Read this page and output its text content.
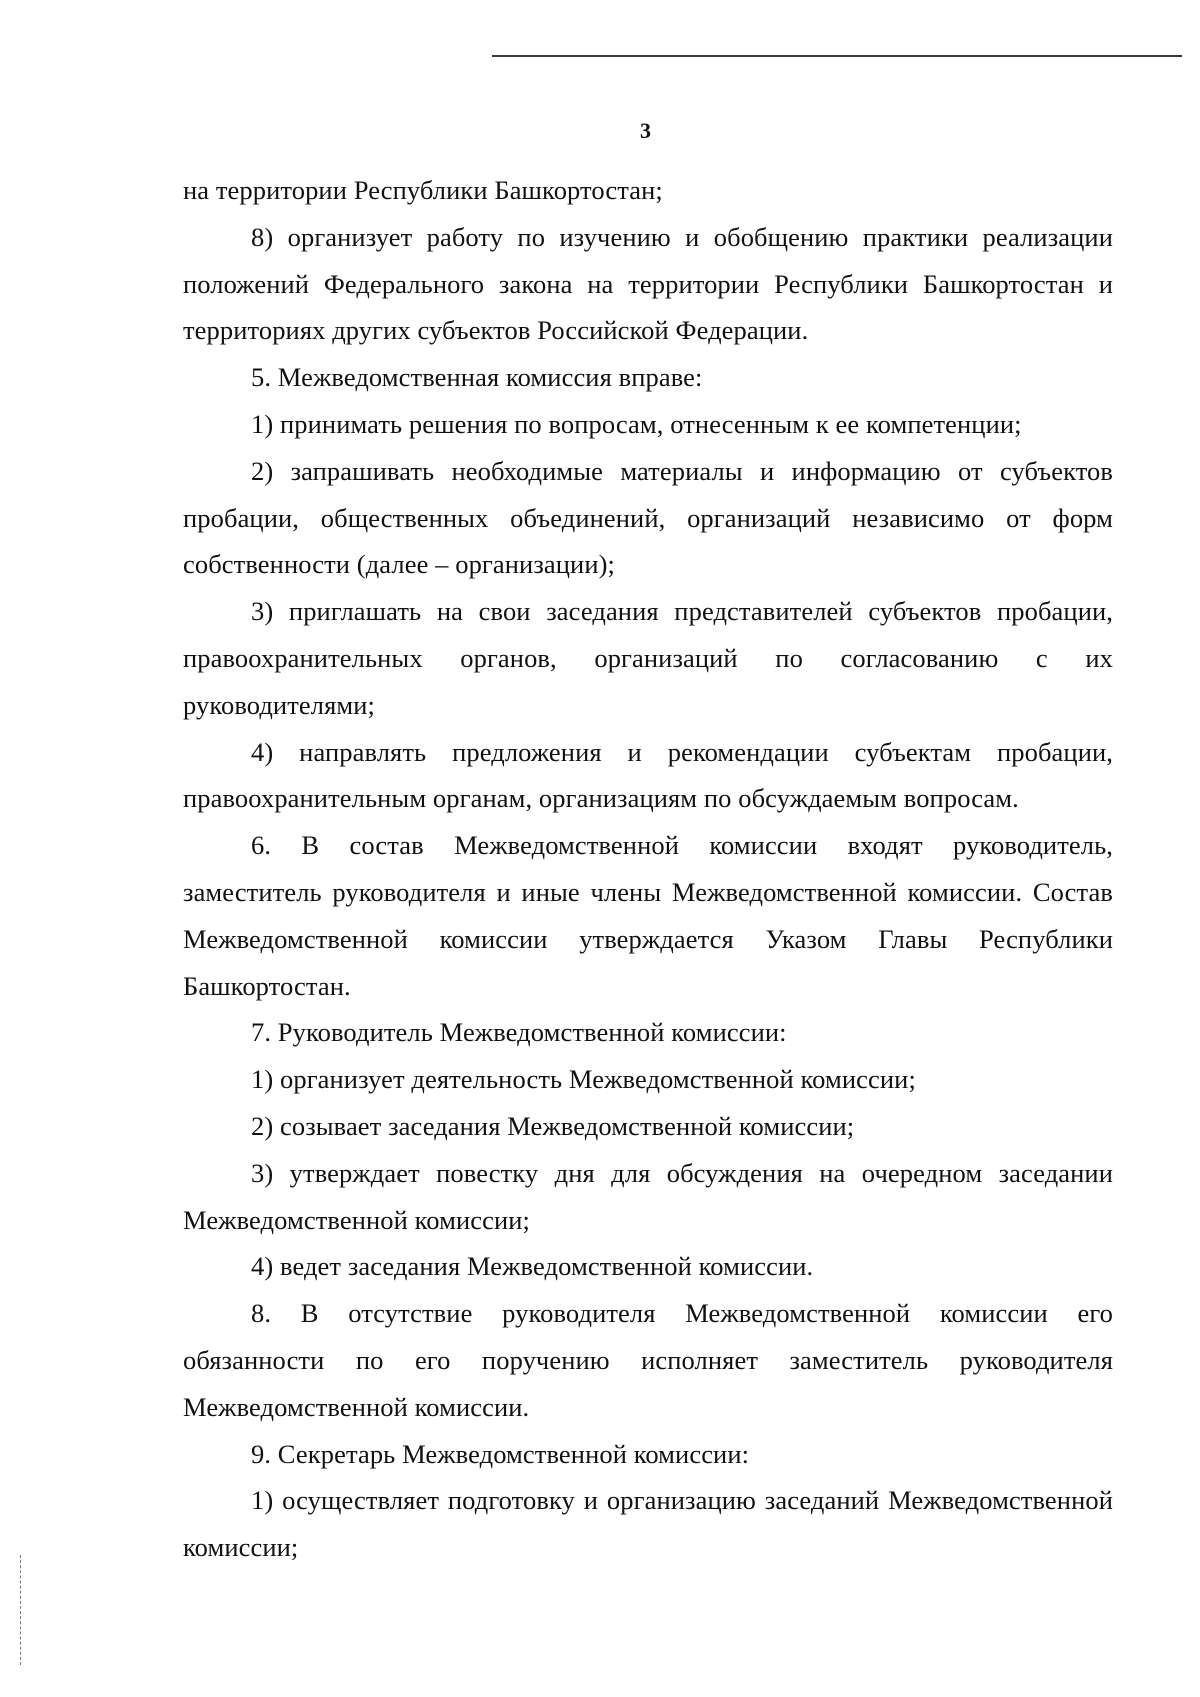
3

на территории Республики Башкортостан;

8) организует работу по изучению и обобщению практики реализации положений Федерального закона на территории Республики Башкортостан и территориях других субъектов Российской Федерации.

5. Межведомственная комиссия вправе:

1) принимать решения по вопросам, отнесенным к ее компетенции;

2) запрашивать необходимые материалы и информацию от субъектов пробации, общественных объединений, организаций независимо от форм собственности (далее – организации);

3) приглашать на свои заседания представителей субъектов пробации, правоохранительных органов, организаций по согласованию с их руководителями;

4) направлять предложения и рекомендации субъектам пробации, правоохранительным органам, организациям по обсуждаемым вопросам.

6. В состав Межведомственной комиссии входят руководитель, заместитель руководителя и иные члены Межведомственной комиссии. Состав Межведомственной комиссии утверждается Указом Главы Республики Башкортостан.

7. Руководитель Межведомственной комиссии:

1) организует деятельность Межведомственной комиссии;

2) созывает заседания Межведомственной комиссии;

3) утверждает повестку дня для обсуждения на очередном заседании Межведомственной комиссии;

4) ведет заседания Межведомственной комиссии.

8. В отсутствие руководителя Межведомственной комиссии его обязанности по его поручению исполняет заместитель руководителя Межведомственной комиссии.

9. Секретарь Межведомственной комиссии:

1) осуществляет подготовку и организацию заседаний Межведомственной комиссии;
